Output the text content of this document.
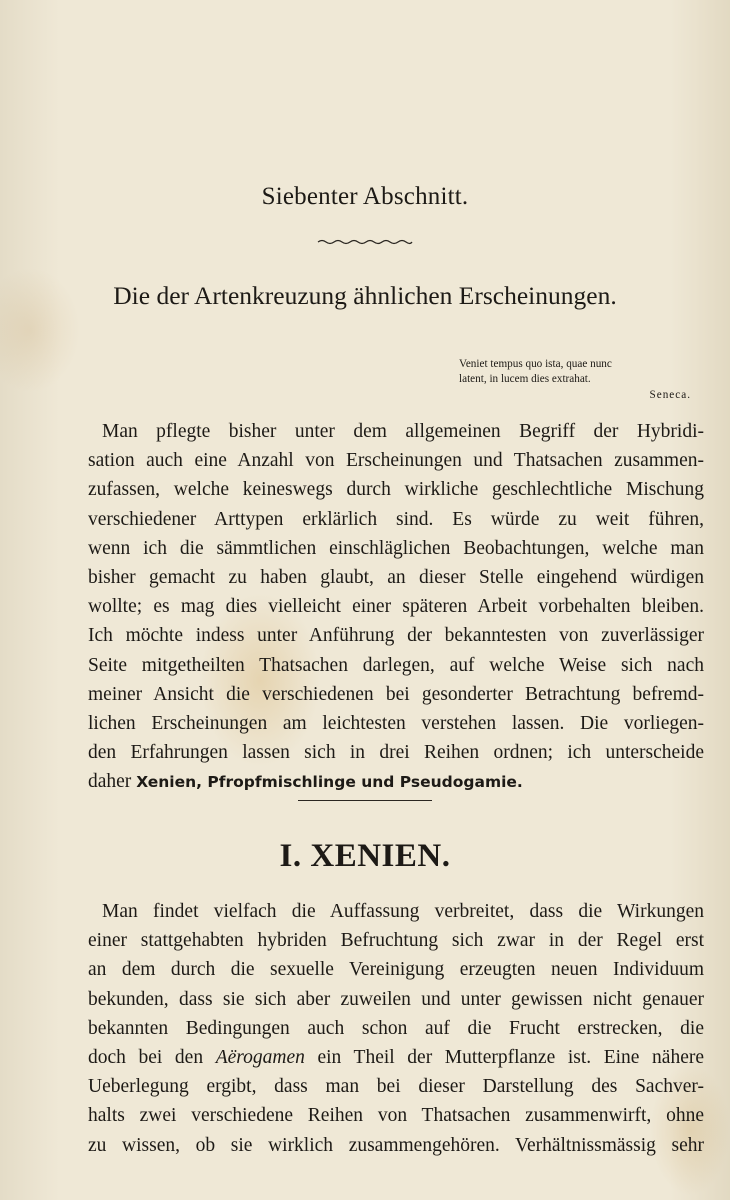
Siebenter Abschnitt.
Die der Artenkreuzung ähnlichen Erscheinungen.
Veniet tempus quo ista, quae nunc
latent, in lucem dies extrahat.
Seneca.
Man pflegte bisher unter dem allgemeinen Begriff der Hybridi-
sation auch eine Anzahl von Erscheinungen und Thatsachen zusammen-
zufassen, welche keineswegs durch wirkliche geschlechtliche Mischung
verschiedener Arttypen erklärlich sind. Es würde zu weit führen,
wenn ich die sämmtlichen einschläglichen Beobachtungen, welche man
bisher gemacht zu haben glaubt, an dieser Stelle eingehend würdigen
wollte; es mag dies vielleicht einer späteren Arbeit vorbehalten bleiben.
Ich möchte indess unter Anführung der bekanntesten von zuverlässiger
Seite mitgetheilten Thatsachen darlegen, auf welche Weise sich nach
meiner Ansicht die verschiedenen bei gesonderter Betrachtung befremd-
lichen Erscheinungen am leichtesten verstehen lassen. Die vorliegen-
den Erfahrungen lassen sich in drei Reihen ordnen; ich unterscheide
daher Xenien, Pfropfmischlinge und Pseudogamie.
I. XENIEN.
Man findet vielfach die Auffassung verbreitet, dass die Wirkungen
einer stattgehabten hybriden Befruchtung sich zwar in der Regel erst
an dem durch die sexuelle Vereinigung erzeugten neuen Individuum
bekunden, dass sie sich aber zuweilen und unter gewissen nicht genauer
bekannten Bedingungen auch schon auf die Frucht erstrecken, die
doch bei den Aërogamen ein Theil der Mutterpflanze ist. Eine nähere
Ueberlegung ergibt, dass man bei dieser Darstellung des Sachver-
halts zwei verschiedene Reihen von Thatsachen zusammenwirft, ohne
zu wissen, ob sie wirklich zusammengehören. Verhältnissmässig sehr
